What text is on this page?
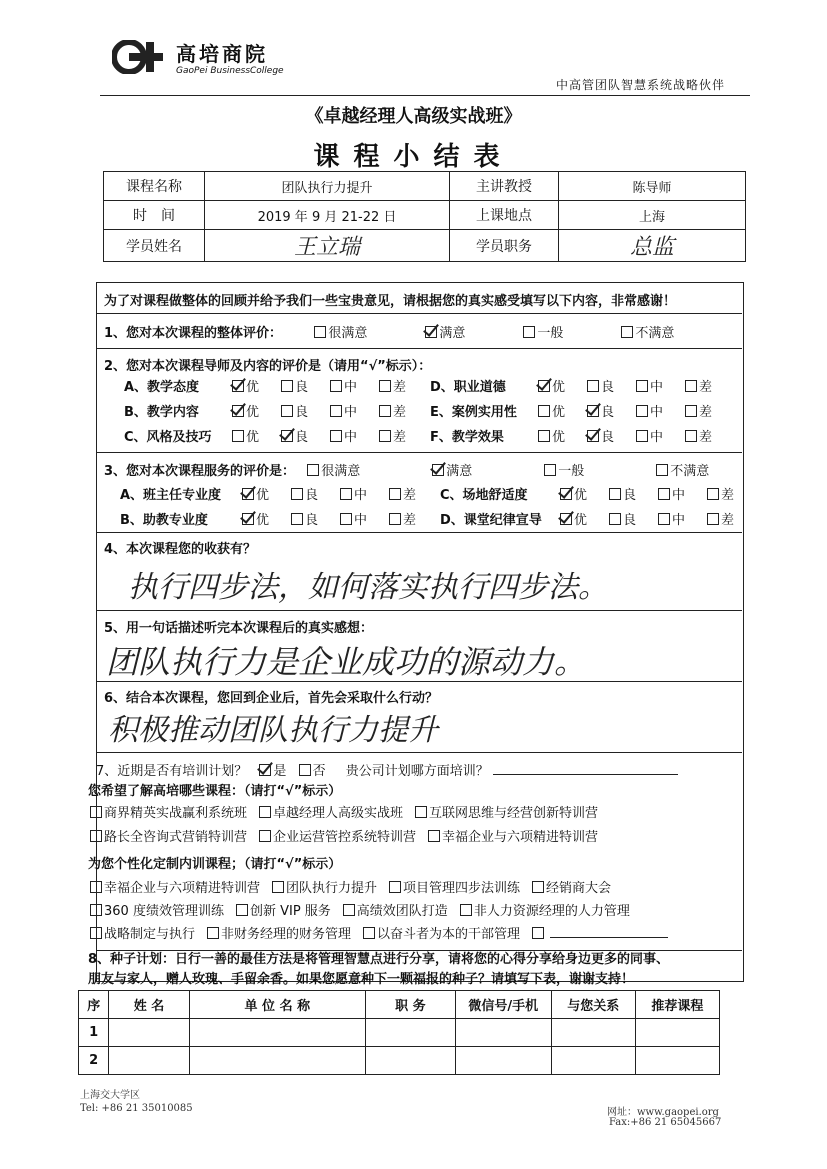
高培商院
GaoPei BusinessCollege
中高管团队智慧系统战略伙伴
《卓越经理人高级实战班》
课程小结表
课程名称	团队执行力提升	主讲教授	陈导师
时　间	2019 年 9 月 21-22 日	上课地点	上海
学员姓名	王立瑞	学员职务	总监
为了对课程做整体的回顾并给予我们一些宝贵意见，请根据您的真实感受填写以下内容，非常感谢！
1、您对本次课程的整体评价：	很满意	满意	一般	不满意
2、您对本次课程导师及内容的评价是（请用“√”标示）：
A、教学态度	优	良	中	差
B、教学内容	优	良	中	差
C、风格及技巧	优	良	中	差
D、职业道德	优	良	中	差
E、案例实用性	优	良	中	差
F、教学效果	优	良	中	差
3、您对本次课程服务的评价是： 很满意	满意	一般	不满意
A、班主任专业度	优	良	中	差
B、助教专业度	优	良	中	差
C、场地舒适度	优	良	中	差
D、课堂纪律宣导 优	良	中	差
4、本次课程您的收获有？
执行四步法，如何落实执行四步法。
5、用一句话描述听完本次课程后的真实感想：
团队执行力是企业成功的源动力。
6、结合本次课程，您回到企业后，首先会采取什么行动？
积极推动团队执行力提升
7、近期是否有培训计划？ 是 否 贵公司计划哪方面培训？
您希望了解高培哪些课程：（请打“√”标示）
商界精英实战赢利系统班 卓越经理人高级实战班 互联网思维与经营创新特训营
路长全咨询式营销特训营 企业运营管控系统特训营 幸福企业与六项精进特训营
为您个性化定制内训课程；（请打“√”标示）
幸福企业与六项精进特训营 团队执行力提升 项目管理四步法训练 经销商大会
360 度绩效管理训练 创新 VIP 服务 高绩效团队打造 非人力资源经理的人力管理
战略制定与执行 非财务经理的财务管理 以奋斗者为本的干部管理
8、种子计划：日行一善的最佳方法是将管理智慧点进行分享，请将您的心得分享给身边更多的同事、
朋友与家人，赠人玫瑰、手留余香。如果您愿意种下一颗福报的种子？请填写下表，谢谢支持！
序	姓 名	单 位 名 称	职 务	微信号/手机	与您关系	推荐课程
1						
2						
上海交大学区
Tel: +86 21 35010085	网址：www.gaopei.org
Fax:+86 21 65045667
